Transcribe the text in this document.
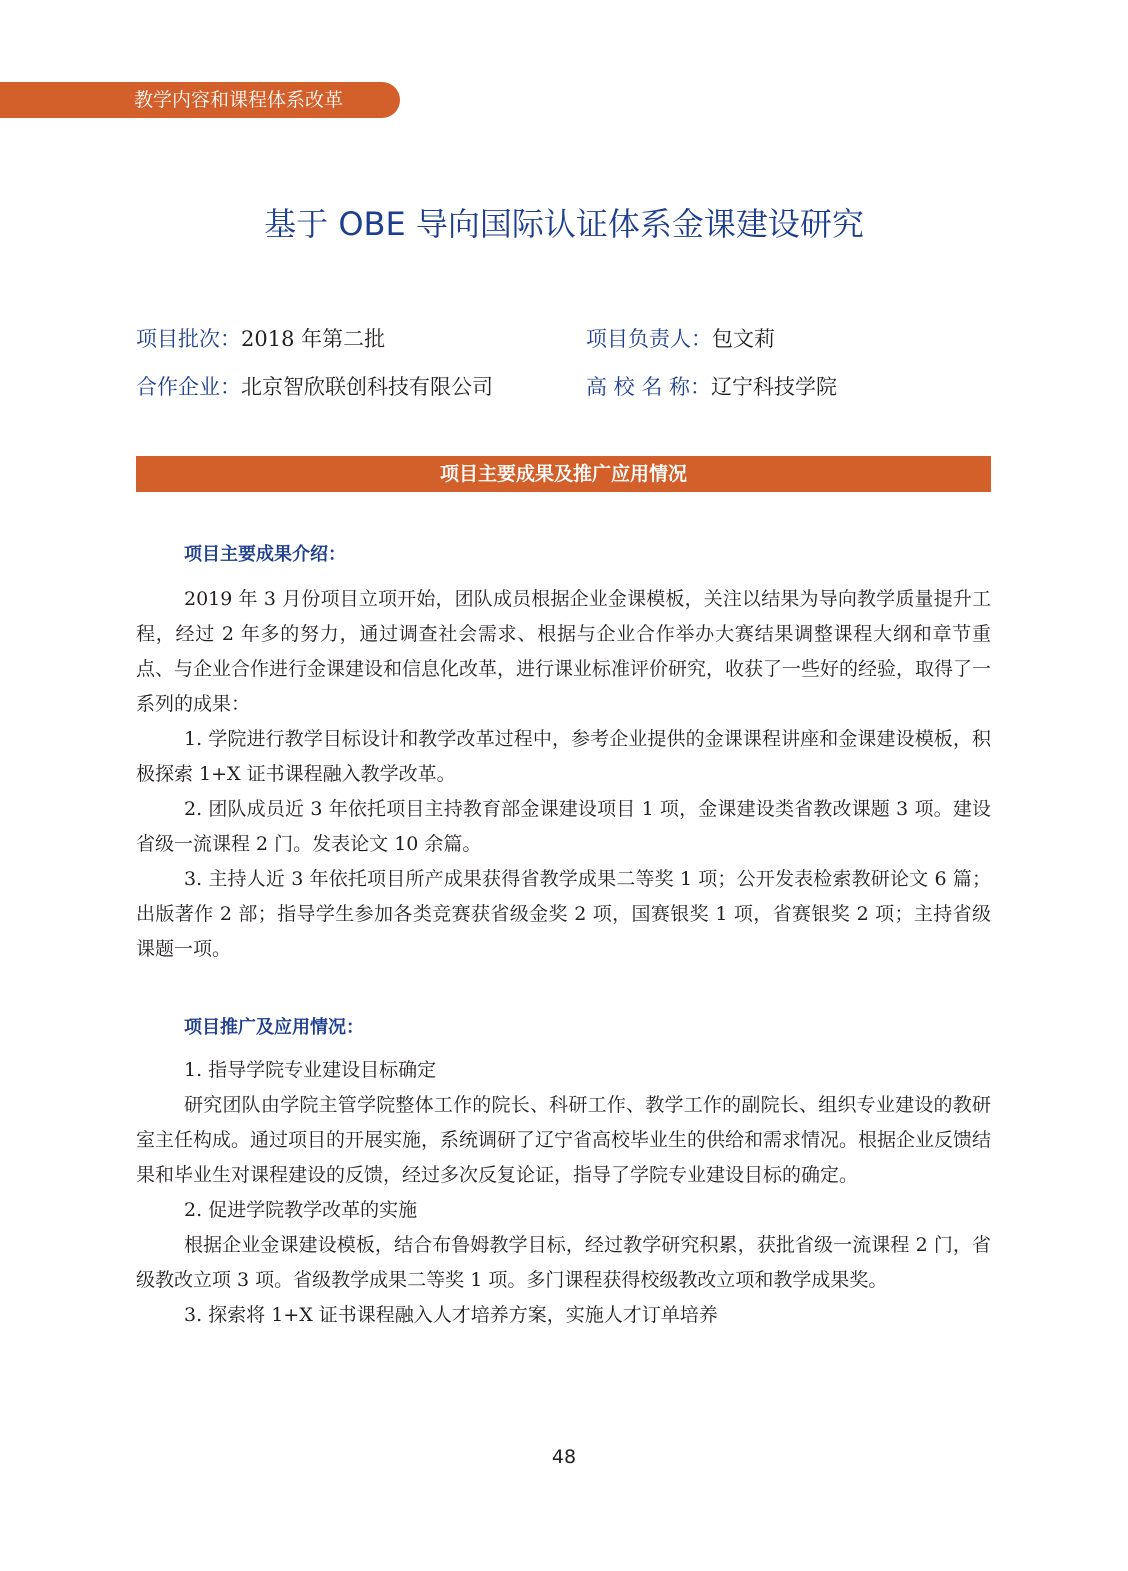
教学内容和课程体系改革
基于 OBE 导向国际认证体系金课建设研究
项目批次：2018 年第二批	项目负责人：包文莉
合作企业：北京智欣联创科技有限公司	高 校 名 称：辽宁科技学院
项目主要成果及推广应用情况
项目主要成果介绍：

2019 年 3 月份项目立项开始，团队成员根据企业金课模板，关注以结果为导向教学质量提升工程，经过 2 年多的努力，通过调查社会需求、根据与企业合作举办大赛结果调整课程大纲和章节重点、与企业合作进行金课建设和信息化改革，进行课业标准评价研究，收获了一些好的经验，取得了一系列的成果：

1. 学院进行教学目标设计和教学改革过程中，参考企业提供的金课课程讲座和金课建设模板，积极探索 1+X 证书课程融入教学改革。

2. 团队成员近 3 年依托项目主持教育部金课建设项目 1 项，金课建设类省教改课题 3 项。建设省级一流课程 2 门。发表论文 10 余篇。

3. 主持人近 3 年依托项目所产成果获得省教学成果二等奖 1 项；公开发表检索教研论文 6 篇；出版著作 2 部；指导学生参加各类竞赛获省级金奖 2 项，国赛银奖 1 项，省赛银奖 2 项；主持省级课题一项。

项目推广及应用情况：

1. 指导学院专业建设目标确定

研究团队由学院主管学院整体工作的院长、科研工作、教学工作的副院长、组织专业建设的教研室主任构成。通过项目的开展实施，系统调研了辽宁省高校毕业生的供给和需求情况。根据企业反馈结果和毕业生对课程建设的反馈，经过多次反复论证，指导了学院专业建设目标的确定。

2. 促进学院教学改革的实施

根据企业金课建设模板，结合布鲁姆教学目标，经过教学研究积累，获批省级一流课程 2 门，省级教改立项 3 项。省级教学成果二等奖 1 项。多门课程获得校级教改立项和教学成果奖。

3. 探索将 1+X 证书课程融入人才培养方案，实施人才订单培养

48
